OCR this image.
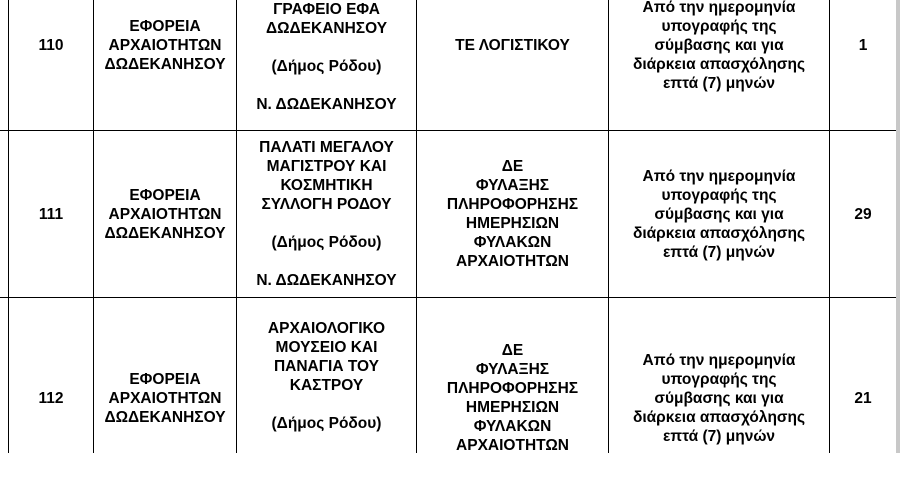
110
ΕΦΟΡΕΙΑ
ΑΡΧΑΙΟΤΗΤΩΝ
ΔΩΔΕΚΑΝΗΣΟΥ
ΓΡΑΦΕΙΟ ΕΦΑ
ΔΩΔΕΚΑΝΗΣΟΥ
(Δήμος Ρόδου)
Ν. ΔΩΔΕΚΑΝΗΣΟΥ
ΤΕ ΛΟΓΙΣΤΙΚΟΥ
Από την ημερομηνία
υπογραφής της
σύμβασης και για
διάρκεια απασχόλησης
επτά (7) μηνών
1
111
ΕΦΟΡΕΙΑ
ΑΡΧΑΙΟΤΗΤΩΝ
ΔΩΔΕΚΑΝΗΣΟΥ
ΠΑΛΑΤΙ ΜΕΓΑΛΟΥ
ΜΑΓΙΣΤΡΟΥ ΚΑΙ
ΚΟΣΜΗΤΙΚΗ
ΣΥΛΛΟΓΗ ΡΟΔΟΥ
(Δήμος Ρόδου)
Ν. ΔΩΔΕΚΑΝΗΣΟΥ
ΔΕ
ΦΥΛΑΞΗΣ
ΠΛΗΡΟΦΟΡΗΣΗΣ
ΗΜΕΡΗΣΙΩΝ
ΦΥΛΑΚΩΝ
ΑΡΧΑΙΟΤΗΤΩΝ
Από την ημερομηνία
υπογραφής της
σύμβασης και για
διάρκεια απασχόλησης
επτά (7) μηνών
29
112
ΕΦΟΡΕΙΑ
ΑΡΧΑΙΟΤΗΤΩΝ
ΔΩΔΕΚΑΝΗΣΟΥ
ΑΡΧΑΙΟΛΟΓΙΚΟ
ΜΟΥΣΕΙΟ ΚΑΙ
ΠΑΝΑΓΙΑ ΤΟΥ
ΚΑΣΤΡΟΥ
(Δήμος Ρόδου)
ΔΕ
ΦΥΛΑΞΗΣ
ΠΛΗΡΟΦΟΡΗΣΗΣ
ΗΜΕΡΗΣΙΩΝ
ΦΥΛΑΚΩΝ
ΑΡΧΑΙΟΤΗΤΩΝ
Από την ημερομηνία
υπογραφής της
σύμβασης και για
διάρκεια απασχόλησης
επτά (7) μηνών
21
